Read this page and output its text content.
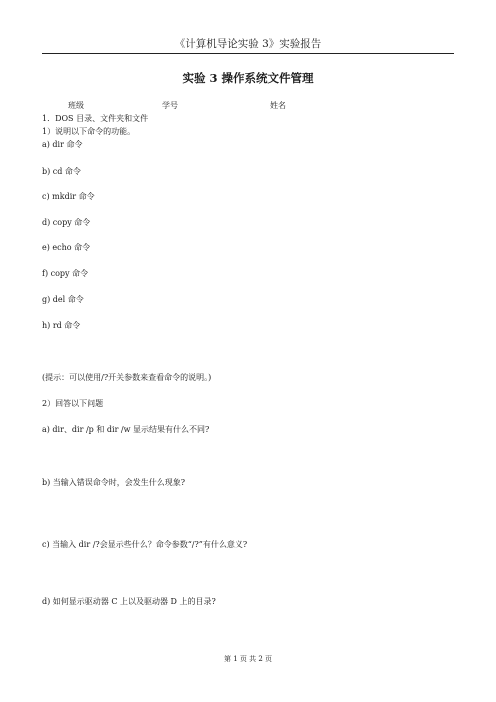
《计算机导论实验 3》实验报告
实验 3 操作系统文件管理
班级	学号	姓名
1．DOS 目录、文件夹和文件
1）说明以下命令的功能。
a) dir 命令
b) cd 命令
c) mkdir 命令
d) copy 命令
e) echo 命令
f) copy 命令
g) del 命令
h) rd 命令
(提示：可以使用/?开关参数来查看命令的说明。)
2）回答以下问题
a) dir、dir /p 和 dir /w 显示结果有什么不同?
b) 当输入错误命令时，会发生什么现象?
c) 当输入 dir /?会显示些什么？命令参数“/?”有什么意义?
d) 如何显示驱动器 C 上以及驱动器 D 上的目录?
第 1 页 共 2 页
